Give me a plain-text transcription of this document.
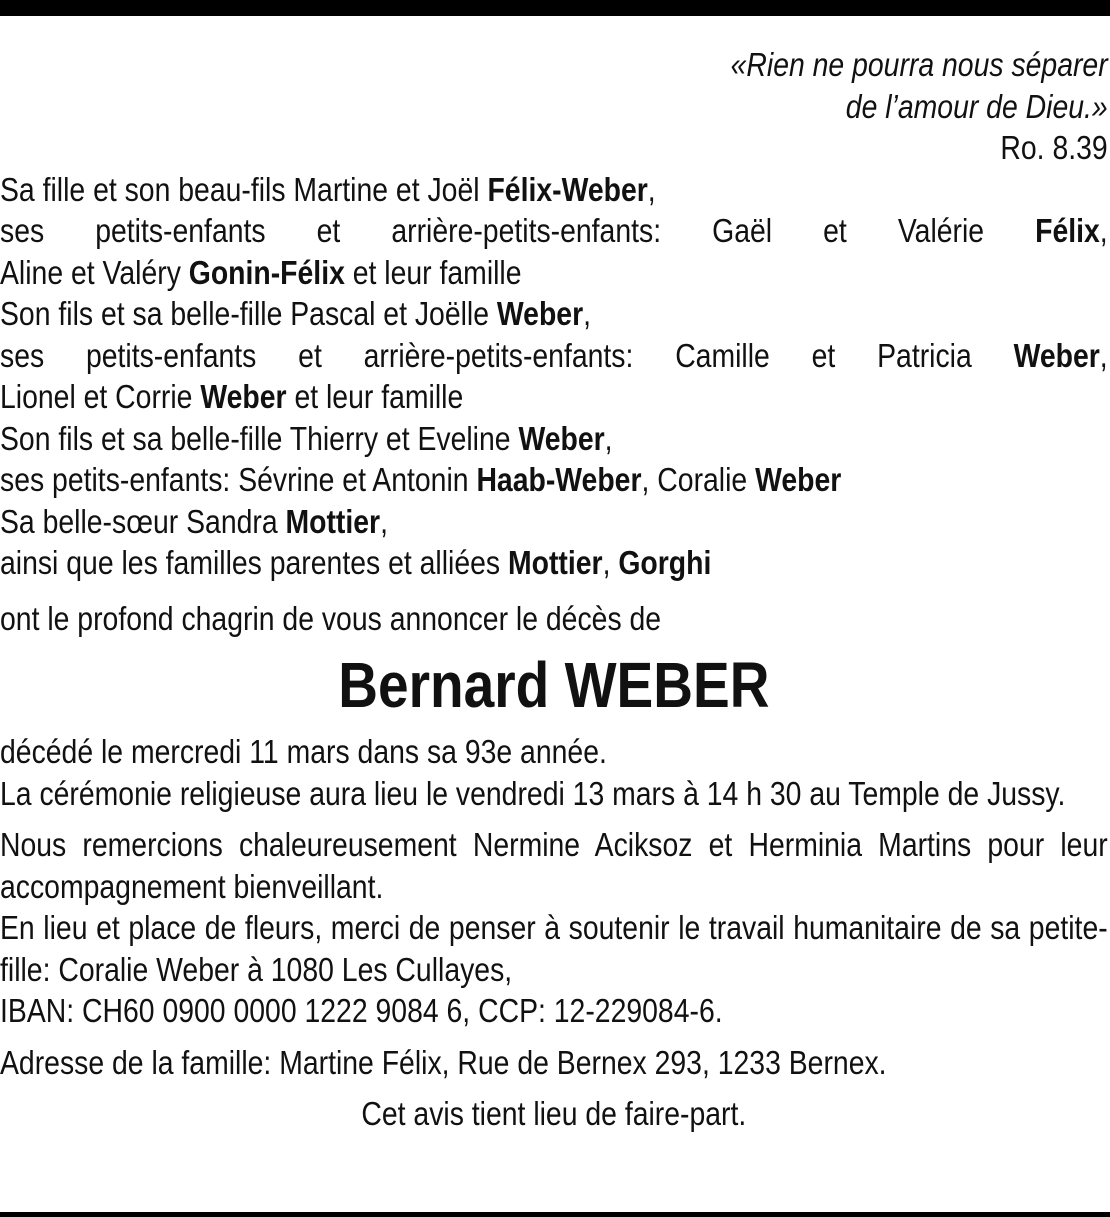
«Rien ne pourra nous séparer
de l’amour de Dieu.»
Ro. 8.39
Sa fille et son beau-fils Martine et Joël Félix-Weber,
ses petits-enfants et arrière-petits-enfants: Gaël et Valérie Félix,
Aline et Valéry Gonin-Félix et leur famille
Son fils et sa belle-fille Pascal et Joëlle Weber,
ses petits-enfants et arrière-petits-enfants: Camille et Patricia Weber,
Lionel et Corrie Weber et leur famille
Son fils et sa belle-fille Thierry et Eveline Weber,
ses petits-enfants: Sévrine et Antonin Haab-Weber, Coralie Weber
Sa belle-sœur Sandra Mottier,
ainsi que les familles parentes et alliées Mottier, Gorghi
ont le profond chagrin de vous annoncer le décès de
Bernard WEBER
décédé le mercredi 11 mars dans sa 93e année.
La cérémonie religieuse aura lieu le vendredi 13 mars à 14 h 30 au Temple de Jussy.
Nous remercions chaleureusement Nermine Aciksoz et Herminia Martins pour leur accompagnement bienveillant.
En lieu et place de fleurs, merci de penser à soutenir le travail humanitaire de sa petite-fille: Coralie Weber à 1080 Les Cullayes,
IBAN: CH60 0900 0000 1222 9084 6, CCP: 12-229084-6.
Adresse de la famille: Martine Félix, Rue de Bernex 293, 1233 Bernex.
Cet avis tient lieu de faire-part.
